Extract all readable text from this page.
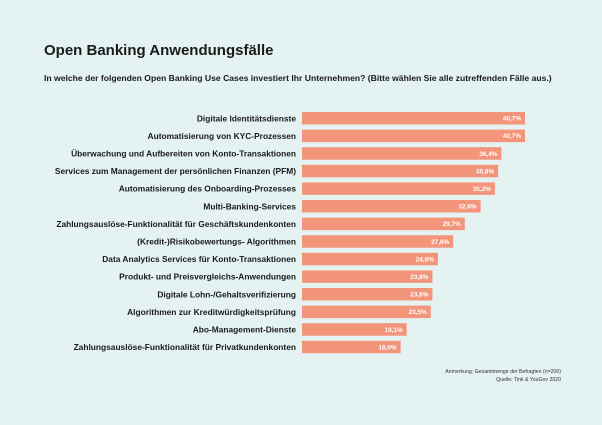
Open Banking Anwendungsfälle

In welche der folgenden Open Banking Use Cases investiert Ihr Unternehmen? (Bitte wählen Sie alle zutreffenden Fälle aus.)

Digitale Identitätsdienste	40,7%
Automatisierung von KYC-Prozessen	40,7%
Überwachung und Aufbereiten von Konto-Transaktionen	36,4%
Services zum Management der persönlichen Finanzen (PFM)	35,8%
Automatisierung des Onboarding-Prozesses	35,2%
Multi-Banking-Services	32,6%
Zahlungsauslöse-Funktionalität für Geschäftskundenkonten	29,7%
(Kredit-)Risikobewertungs- Algorithmen	27,6%
Data Analytics Services für Konto-Transaktionen	24,8%
Produkt- und Preisvergleichs-Anwendungen	23,8%
Digitale Lohn-/Gehaltsverifizierung	23,8%
Algorithmen zur Kreditwürdigkeitsprüfung	23,5%
Abo-Management-Dienste	19,1%
Zahlungsauslöse-Funktionalität für Privatkundenkonten	18,0%
Anmerkung: Gesamtmenge der Befragten (n=200)
Quelle: Tink & YouGov 2020
